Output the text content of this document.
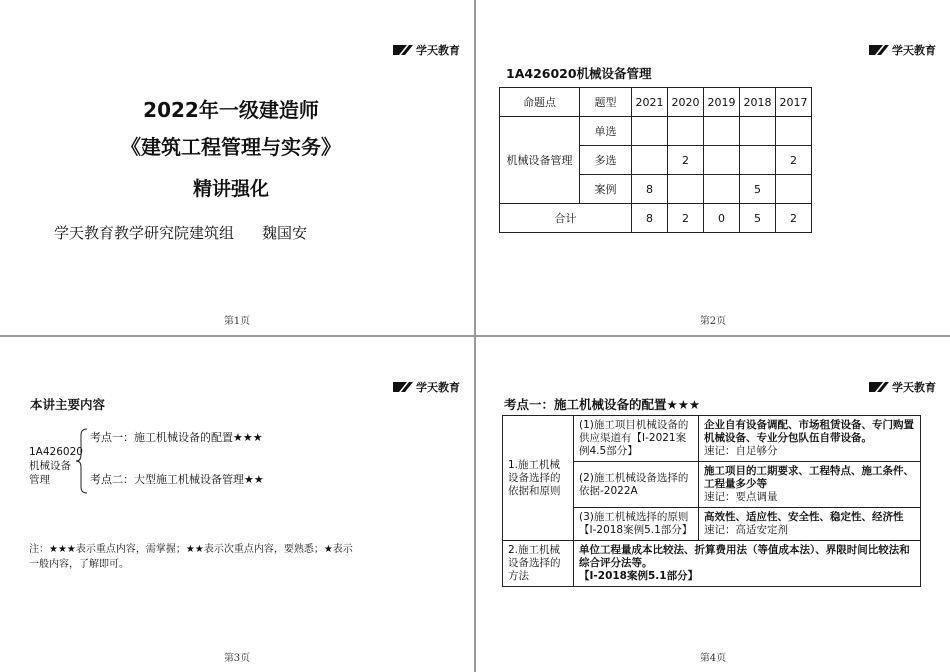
学天教育
2022年一级建造师
《建筑工程管理与实务》
精讲强化
学天教育教学研究院建筑组 魏国安
第1页
学天教育
1A426020机械设备管理
命题点	题型	2021	2020	2019	2018	2017
机械设备管理	单选					
	多选		2			2
	案例	8			5	
合计		8	2	0	5	2
第2页
学天教育
本讲主要内容
1A426020
机械设备
管理
考点一：施工机械设备的配置★★★
考点二：大型施工机械设备管理★★
注：★★★表示重点内容，需掌握；★★表示次重点内容，要熟悉；★表示一般内容，了解即可。
第3页
学天教育
考点一：施工机械设备的配置★★★
1.施工机械设备选择的依据和原则	(1)施工项目机械设备的供应渠道有【Ⅰ-2021案例4.5部分】	企业自有设备调配、市场租赁设备、专门购置机械设备、专业分包队伍自带设备。
速记：自足够分

	(2)施工机械设备选择的依据-2022A	施工项目的工期要求、工程特点、施工条件、工程量多少等
速记：要点调量

	(3)施工机械选择的原则【Ⅰ-2018案例5.1部分】	高效性、适应性、安全性、稳定性、经济性
速记：高适安定剂

2.施工机械设备选择的方法	单位工程量成本比较法、折算费用法（等值成本法）、界限时间比较法和综合评分法等。
【Ⅰ-2018案例5.1部分】	
第4页
